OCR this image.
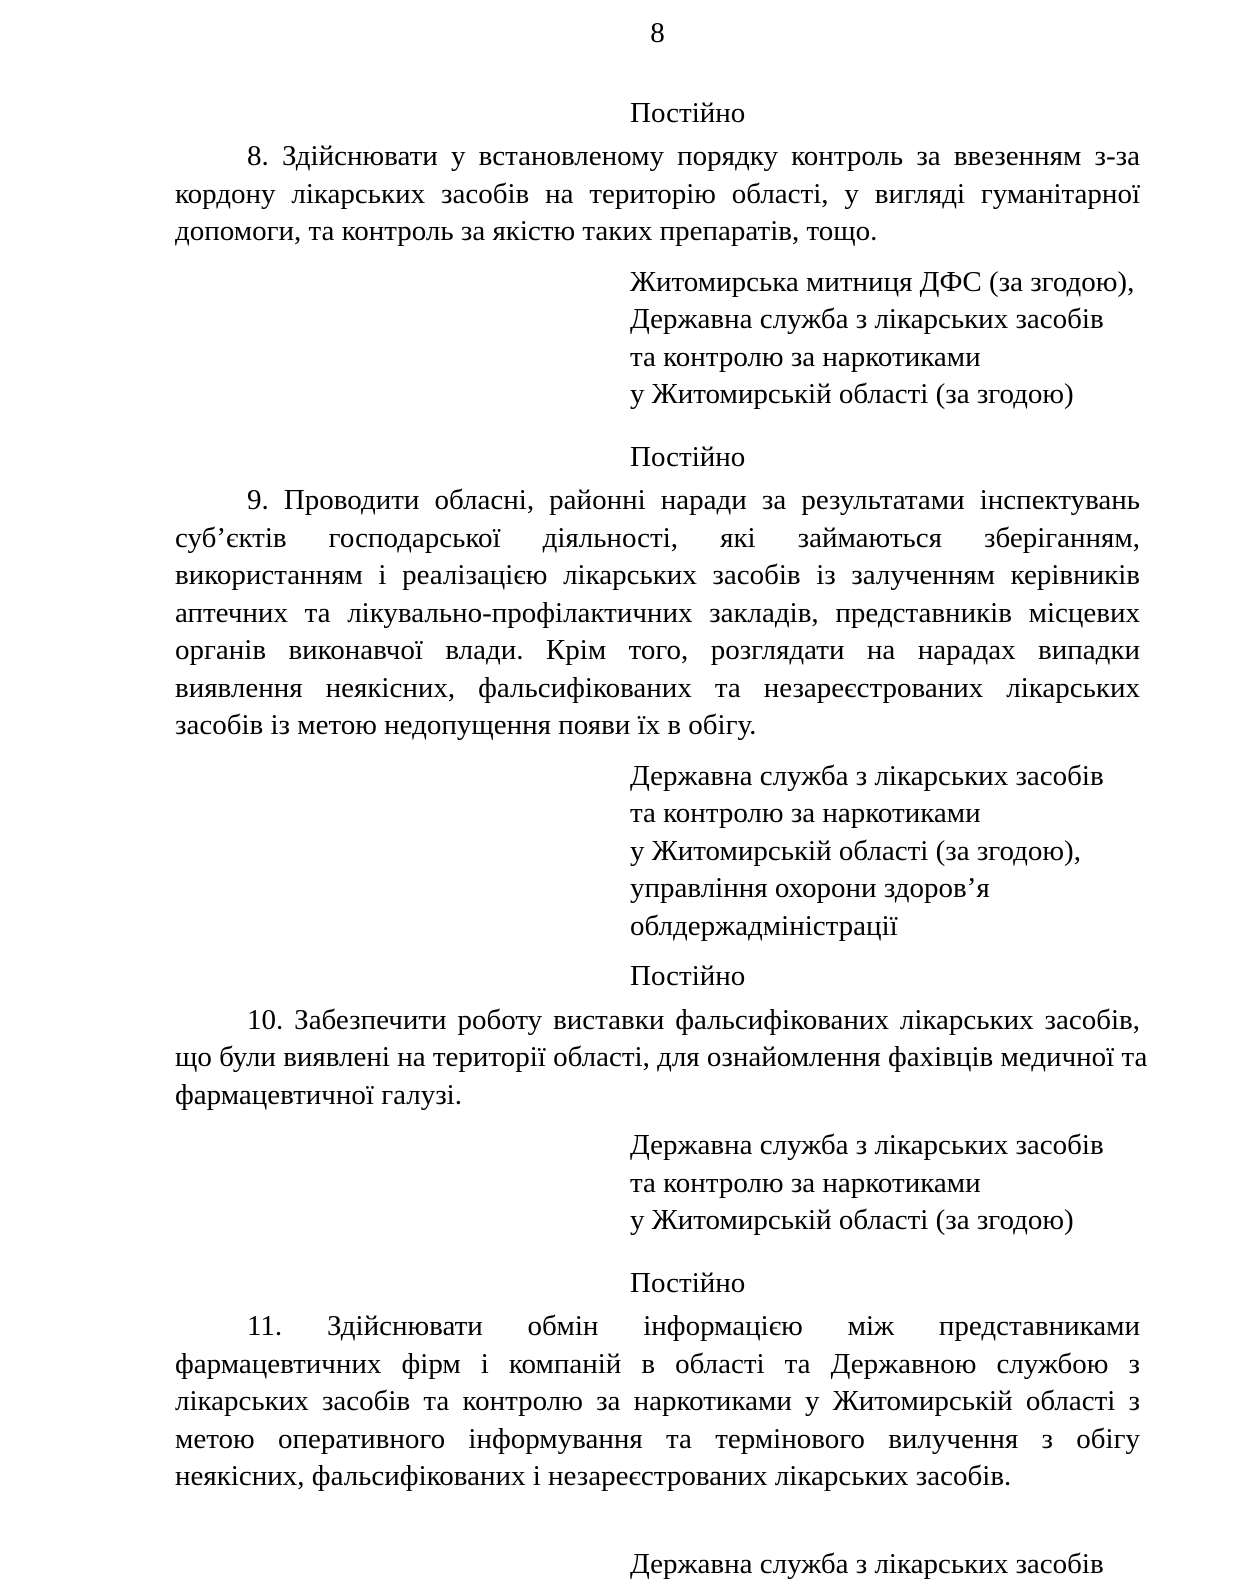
8
Постійно
8. Здійснювати у встановленому порядку контроль за ввезенням з-за
кордону лікарських засобів на територію області, у вигляді гуманітарної
допомоги, та контроль за якістю таких препаратів, тощо.
Житомирська митниця ДФС (за згодою),
Державна служба з лікарських засобів
та контролю за наркотиками
у Житомирській області (за згодою)
Постійно
9. Проводити обласні, районні наради за результатами інспектувань
суб’єктів господарської діяльності, які займаються зберіганням,
використанням і реалізацією лікарських засобів із залученням керівників
аптечних та лікувально-профілактичних закладів, представників місцевих
органів виконавчої влади. Крім того, розглядати на нарадах випадки
виявлення неякісних, фальсифікованих та незареєстрованих лікарських
засобів із метою недопущення появи їх в обігу.
Державна служба з лікарських засобів
та контролю за наркотиками
у Житомирській області (за згодою),
управління охорони здоров’я
облдержадміністрації
Постійно
10. Забезпечити роботу виставки фальсифікованих лікарських засобів,
що були виявлені на території області, для ознайомлення фахівців медичної та
фармацевтичної галузі.
Державна служба з лікарських засобів
та контролю за наркотиками
у Житомирській області (за згодою)
Постійно
11. Здійснювати обмін інформацією між представниками
фармацевтичних фірм і компаній в області та Державною службою з
лікарських засобів та контролю за наркотиками у Житомирській області з
метою оперативного інформування та термінового вилучення з обігу
неякісних, фальсифікованих і незареєстрованих лікарських засобів.
Державна служба з лікарських засобів
